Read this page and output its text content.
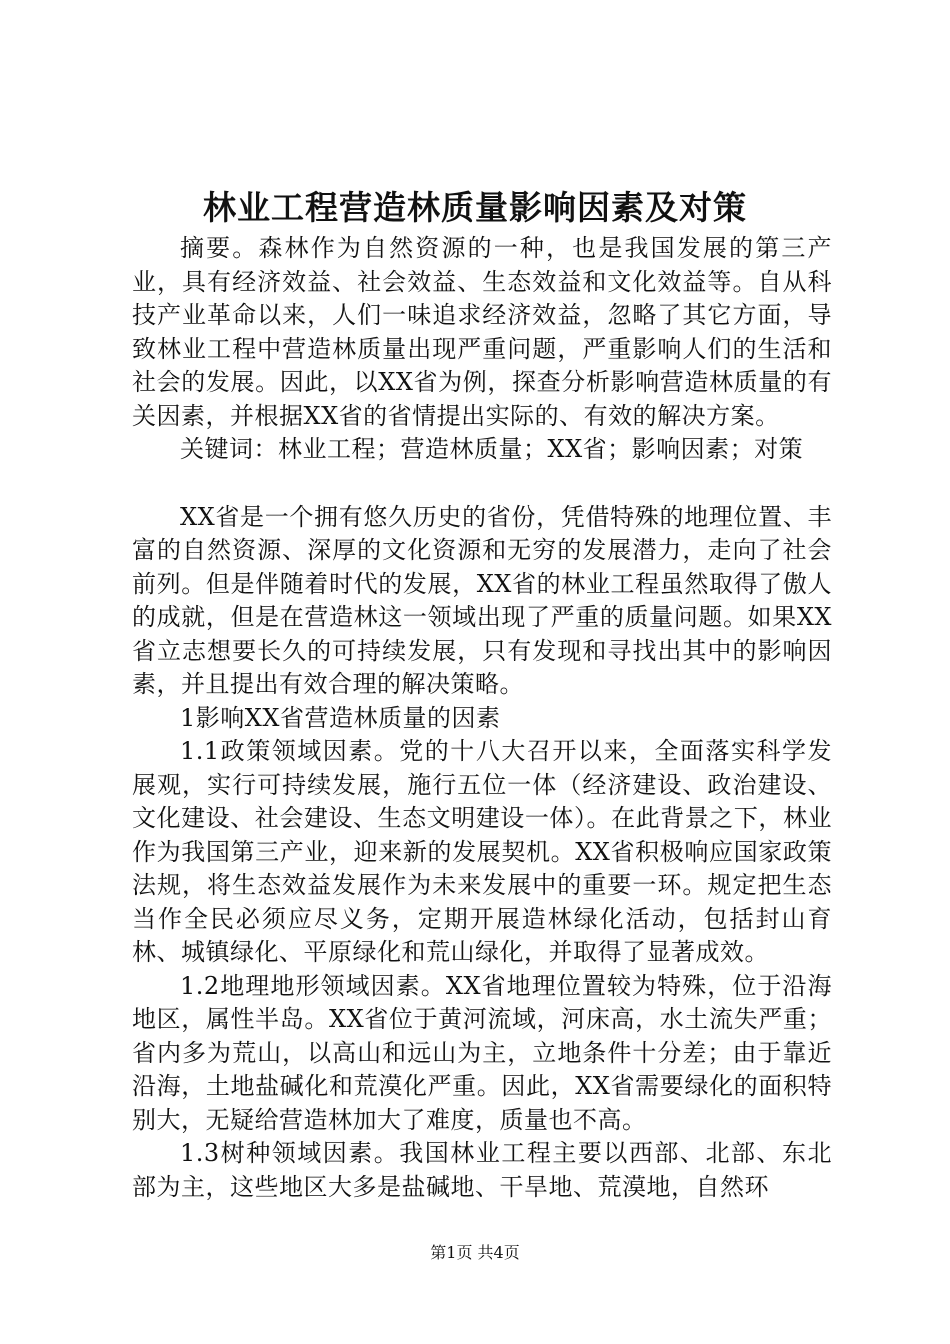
林业工程营造林质量影响因素及对策

摘要。森林作为自然资源的一种，也是我国发展的第三产业，具有经济效益、社会效益、生态效益和文化效益等。自从科技产业革命以来，人们一味追求经济效益，忽略了其它方面，导致林业工程中营造林质量出现严重问题，严重影响人们的生活和社会的发展。因此，以XX省为例，探查分析影响营造林质量的有关因素，并根据XX省的省情提出实际的、有效的解决方案。

关键词：林业工程；营造林质量；XX省；影响因素；对策

XX省是一个拥有悠久历史的省份，凭借特殊的地理位置、丰富的自然资源、深厚的文化资源和无穷的发展潜力，走向了社会前列。但是伴随着时代的发展，XX省的林业工程虽然取得了傲人的成就，但是在营造林这一领域出现了严重的质量问题。如果XX省立志想要长久的可持续发展，只有发现和寻找出其中的影响因素，并且提出有效合理的解决策略。

1影响XX省营造林质量的因素

1.1政策领域因素。党的十八大召开以来，全面落实科学发展观，实行可持续发展，施行五位一体（经济建设、政治建设、文化建设、社会建设、生态文明建设一体）。在此背景之下，林业作为我国第三产业，迎来新的发展契机。XX省积极响应国家政策法规，将生态效益发展作为未来发展中的重要一环。规定把生态当作全民必须应尽义务，定期开展造林绿化活动，包括封山育林、城镇绿化、平原绿化和荒山绿化，并取得了显著成效。

1.2地理地形领域因素。XX省地理位置较为特殊，位于沿海地区，属性半岛。XX省位于黄河流域，河床高，水土流失严重；省内多为荒山，以高山和远山为主，立地条件十分差；由于靠近沿海，土地盐碱化和荒漠化严重。因此，XX省需要绿化的面积特别大，无疑给营造林加大了难度，质量也不高。

1.3树种领域因素。我国林业工程主要以西部、北部、东北部为主，这些地区大多是盐碱地、干旱地、荒漠地，自然环

第1页 共4页
